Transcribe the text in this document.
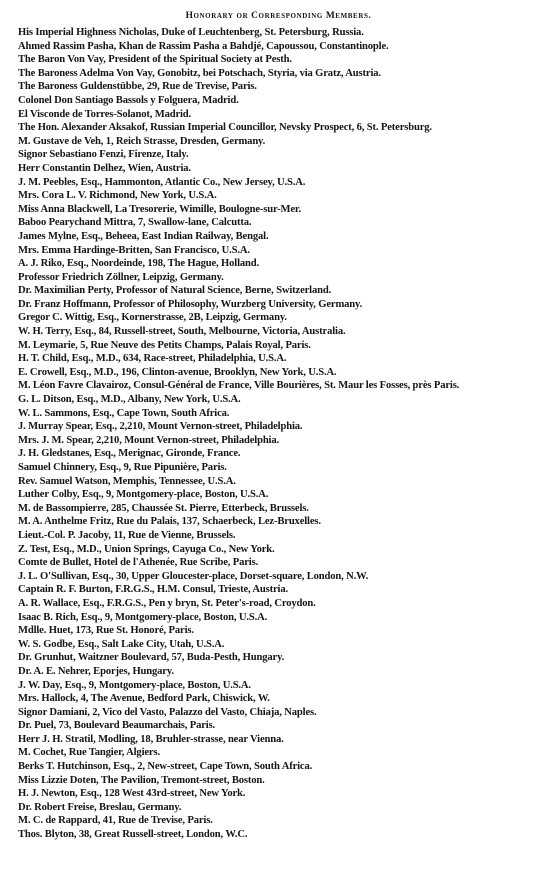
Honorary or Corresponding Members.
His Imperial Highness Nicholas, Duke of Leuchtenberg, St. Petersburg, Russia.
Ahmed Rassim Pasha, Khan de Rassim Pasha a Bahdjé, Capoussou, Constantinople.
The Baron Von Vay, President of the Spiritual Society at Pesth.
The Baroness Adelma Von Vay, Gonobitz, bei Potschach, Styria, via Gratz, Austria.
The Baroness Guldenstübbe, 29, Rue de Trevise, Paris.
Colonel Don Santiago Bassols y Folguera, Madrid.
El Visconde de Torres-Solanot, Madrid.
The Hon. Alexander Aksakof, Russian Imperial Councillor, Nevsky Prospect, 6, St. Petersburg.
M. Gustave de Veh, 1, Reich Strasse, Dresden, Germany.
Signor Sebastiano Fenzi, Firenze, Italy.
Herr Constantin Delhez, Wien, Austria.
J. M. Peebles, Esq., Hammonton, Atlantic Co., New Jersey, U.S.A.
Mrs. Cora L. V. Richmond, New York, U.S.A.
Miss Anna Blackwell, La Tresorerie, Wimille, Boulogne-sur-Mer.
Baboo Pearychand Mittra, 7, Swallow-lane, Calcutta.
James Mylne, Esq., Beheea, East Indian Railway, Bengal.
Mrs. Emma Hardinge-Britten, San Francisco, U.S.A.
A. J. Riko, Esq., Noordeinde, 198, The Hague, Holland.
Professor Friedrich Zöllner, Leipzig, Germany.
Dr. Maximilian Perty, Professor of Natural Science, Berne, Switzerland.
Dr. Franz Hoffmann, Professor of Philosophy, Wurzberg University, Germany.
Gregor C. Wittig, Esq., Kornerstrasse, 2B, Leipzig, Germany.
W. H. Terry, Esq., 84, Russell-street, South, Melbourne, Victoria, Australia.
M. Leymarie, 5, Rue Neuve des Petits Champs, Palais Royal, Paris.
H. T. Child, Esq., M.D., 634, Race-street, Philadelphia, U.S.A.
E. Crowell, Esq., M.D., 196, Clinton-avenue, Brooklyn, New York, U.S.A.
M. Léon Favre Clavairoz, Consul-Général de France, Ville Bourières, St. Maur les Fosses, près Paris.
G. L. Ditson, Esq., M.D., Albany, New York, U.S.A.
W. L. Sammons, Esq., Cape Town, South Africa.
J. Murray Spear, Esq., 2,210, Mount Vernon-street, Philadelphia.
Mrs. J. M. Spear, 2,210, Mount Vernon-street, Philadelphia.
J. H. Gledstanes, Esq., Merignac, Gironde, France.
Samuel Chinnery, Esq., 9, Rue Pipunière, Paris.
Rev. Samuel Watson, Memphis, Tennessee, U.S.A.
Luther Colby, Esq., 9, Montgomery-place, Boston, U.S.A.
M. de Bassompierre, 285, Chaussée St. Pierre, Etterbeck, Brussels.
M. A. Anthelme Fritz, Rue du Palais, 137, Schaerbeck, Lez-Bruxelles.
Lieut.-Col. P. Jacoby, 11, Rue de Vienne, Brussels.
Z. Test, Esq., M.D., Union Springs, Cayuga Co., New York.
Comte de Bullet, Hotel de l'Athenée, Rue Scribe, Paris.
J. L. O'Sullivan, Esq., 30, Upper Gloucester-place, Dorset-square, London, N.W.
Captain R. F. Burton, F.R.G.S., H.M. Consul, Trieste, Austria.
A. R. Wallace, Esq., F.R.G.S., Pen y bryn, St. Peter's-road, Croydon.
Isaac B. Rich, Esq., 9, Montgomery-place, Boston, U.S.A.
Mdlle. Huet, 173, Rue St. Honoré, Paris.
W. S. Godbe, Esq., Salt Lake City, Utah, U.S.A.
Dr. Grunhut, Waitzner Boulevard, 57, Buda-Pesth, Hungary.
Dr. A. E. Nehrer, Eporjes, Hungary.
J. W. Day, Esq., 9, Montgomery-place, Boston, U.S.A.
Mrs. Hallock, 4, The Avenue, Bedford Park, Chiswick, W.
Signor Damiani, 2, Vico del Vasto, Palazzo del Vasto, Chiaja, Naples.
Dr. Puel, 73, Boulevard Beaumarchais, Paris.
Herr J. H. Stratil, Modling, 18, Bruhler-strasse, near Vienna.
M. Cochet, Rue Tangier, Algiers.
Berks T. Hutchinson, Esq., 2, New-street, Cape Town, South Africa.
Miss Lizzie Doten, The Pavilion, Tremont-street, Boston.
H. J. Newton, Esq., 128 West 43rd-street, New York.
Dr. Robert Freise, Breslau, Germany.
M. C. de Rappard, 41, Rue de Trevise, Paris.
Thos. Blyton, 38, Great Russell-street, London, W.C.
